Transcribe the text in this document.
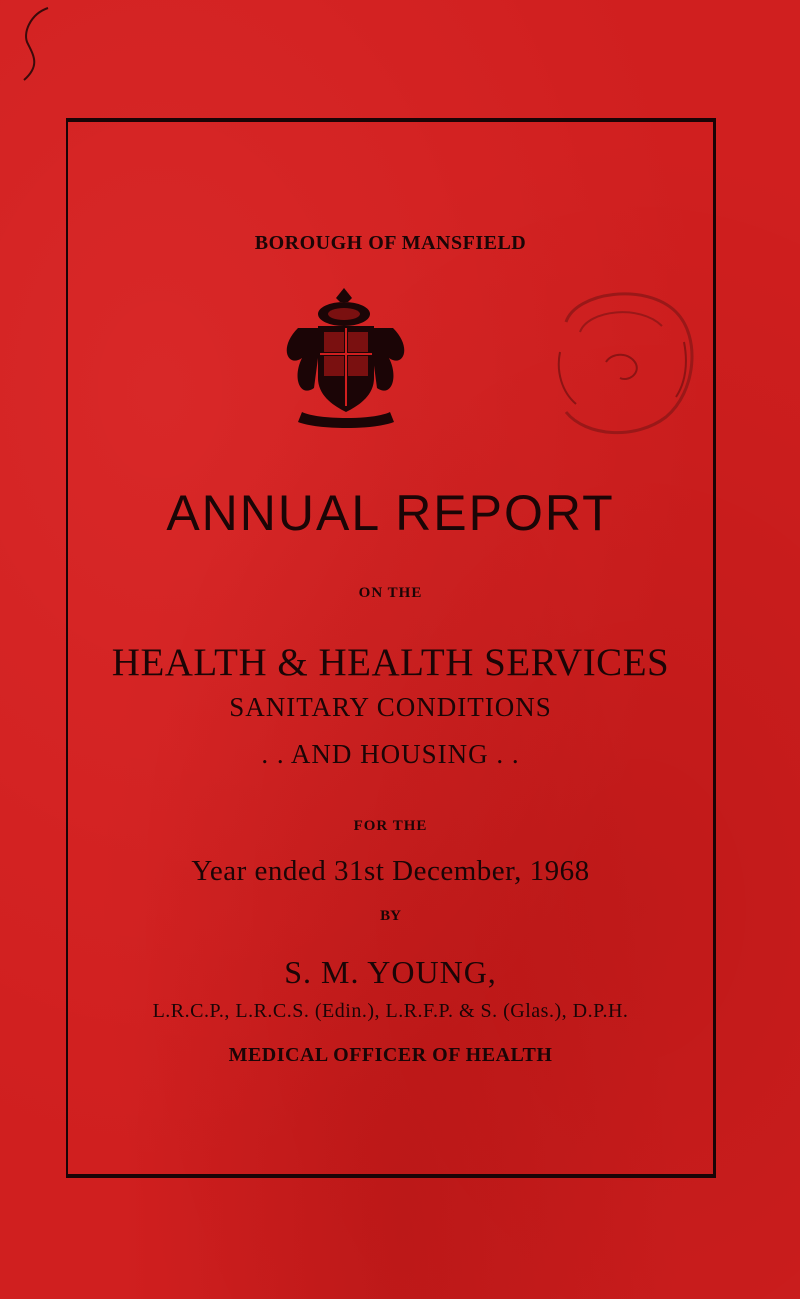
BOROUGH OF MANSFIELD
ANNUAL REPORT
ON THE
HEALTH & HEALTH SERVICES
SANITARY CONDITIONS
. . AND HOUSING . .
FOR THE
Year ended 31st December, 1968
BY
S. M. YOUNG,
L.R.C.P., L.R.C.S. (Edin.), L.R.F.P. & S. (Glas.), D.P.H.
MEDICAL OFFICER OF HEALTH
